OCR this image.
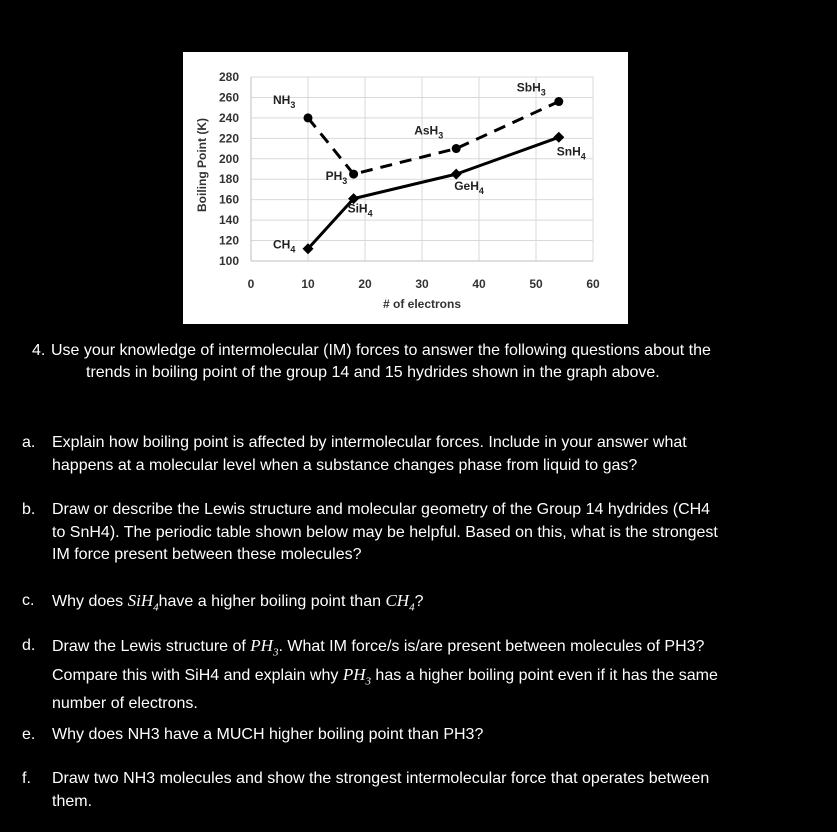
100
120
140
160
180
200
220
240
260
280
0	10	20	30	40	50	60
Boiling Point (K)
# of electrons
$NH_3$
$PH_3$
AsH$_3$
SbH$_3$
$CH_4$
SiH$_4$
GeH$_4$
SnH$_4$
4. Use your knowledge of intermolecular (IM) forces to answer the following questions about the
trends in boiling point of the group 14 and 15 hydrides shown in the graph above.
a. Explain how boiling point is affected by intermolecular forces. Include in your answer what
happens at a molecular level when a substance changes phase from liquid to gas?
b. Draw or describe the Lewis structure and molecular geometry of the Group 14 hydrides (CH4
to SnH4). The periodic table shown below may be helpful. Based on this, what is the strongest
IM force present between these molecules?
c. Why does SiH$_4$have a higher boiling point than $CH_4$?
d. Draw the Lewis structure of $PH_3$. What IM force/s is/are present between molecules of PH3?
Compare this with SiH4 and explain why $PH_3$ has a higher boiling point even if it has the same
number of electrons.
e. Why does NH3 have a MUCH higher boiling point than PH3?
f. Draw two NH3 molecules and show the strongest intermolecular force that operates between
them.
